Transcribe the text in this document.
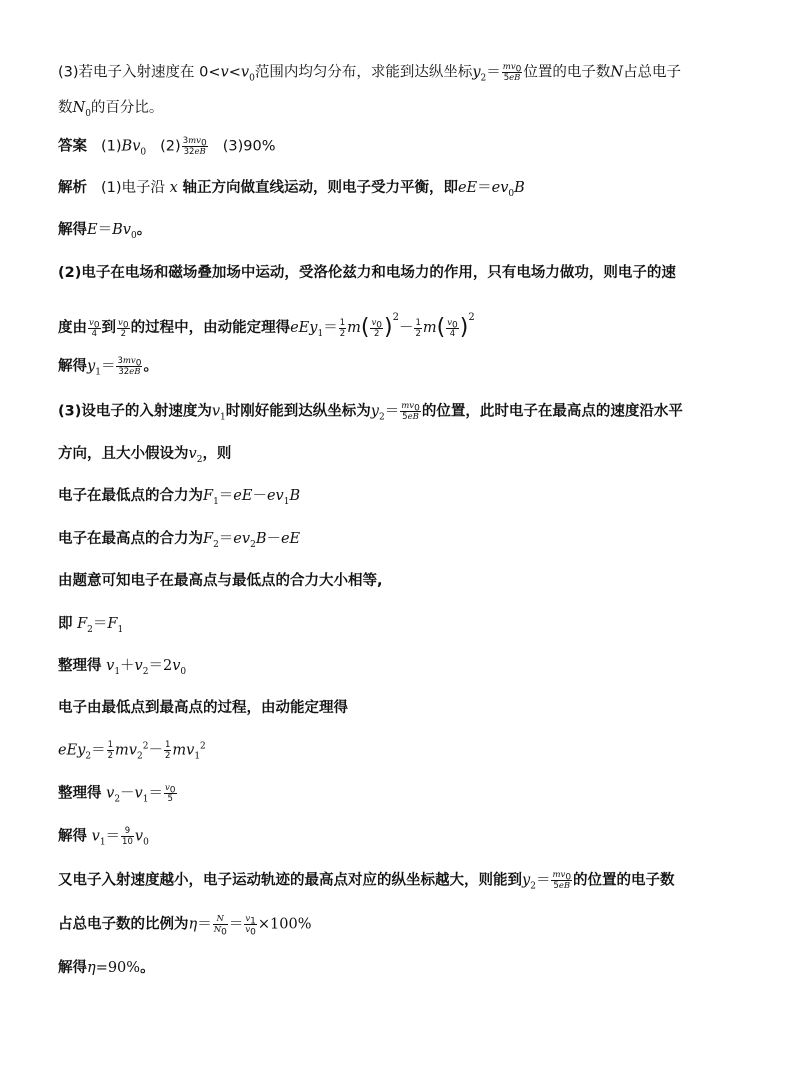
(3)若电子入射速度在 $0<v<v_0$范围内均匀分布，求能到达纵坐标$y_2= \frac{mv_0}{5eB}$ 位置的电子数N占总电子
数$N_0$的百分比。
答案 $(1)Bv_0$ $(2) \frac{3mv_0}{32eB} (3)90\%$
解析 (1)电子沿 x 轴正方向做直线运动，则电子受力平衡，即$eE=ev_0B$
解得$E=Bv_0$。
(2)电子在电场和磁场叠加场中运动，受洛伦兹力和电场力的作用，只有电场力做功，则电子的速
度由 $\frac{v_0}{4}$ 到 $\frac{v_0}{2}$ 的过程中，由动能定理得$eEy_1= \frac{1}{2} m( \frac{v_0}{2} )^2- \frac{1}{2} m( \frac{v_0}{4} )^2$
解得$y_1= \frac{3mv_0}{32eB}$ 。
(3)设电子的入射速度为$v_1$时刚好能到达纵坐标为$y_2= \frac{mv_0}{5eB}$ 的位置，此时电子在最高点的速度沿水平
方向，且大小假设为$v_2$，则
电子在最低点的合力为$F_1=eE-ev_1B$
电子在最高点的合力为$F_2=ev_2B-eE$
由题意可知电子在最高点与最低点的合力大小相等,
即 $F_2=F_1$
整理得 $v_1+v_2=2v_0$
电子由最低点到最高点的过程，由动能定理得
$eEy_2= \frac{1}{2} mv_2^2- \frac{1}{2} mv_1^2$
整理得 $v_2-v_1= \frac{v_0}{5}$
解得 $v_1= \frac{9}{10} v_0$
又电子入射速度越小，电子运动轨迹的最高点对应的纵坐标越大，则能到$y_2= \frac{mv_0}{5eB}$ 的位置的电子数
占总电子数的比例为$\eta= \frac{N}{N_0} = \frac{v_1}{v_0} \times 100\%$
解得η=90%。
